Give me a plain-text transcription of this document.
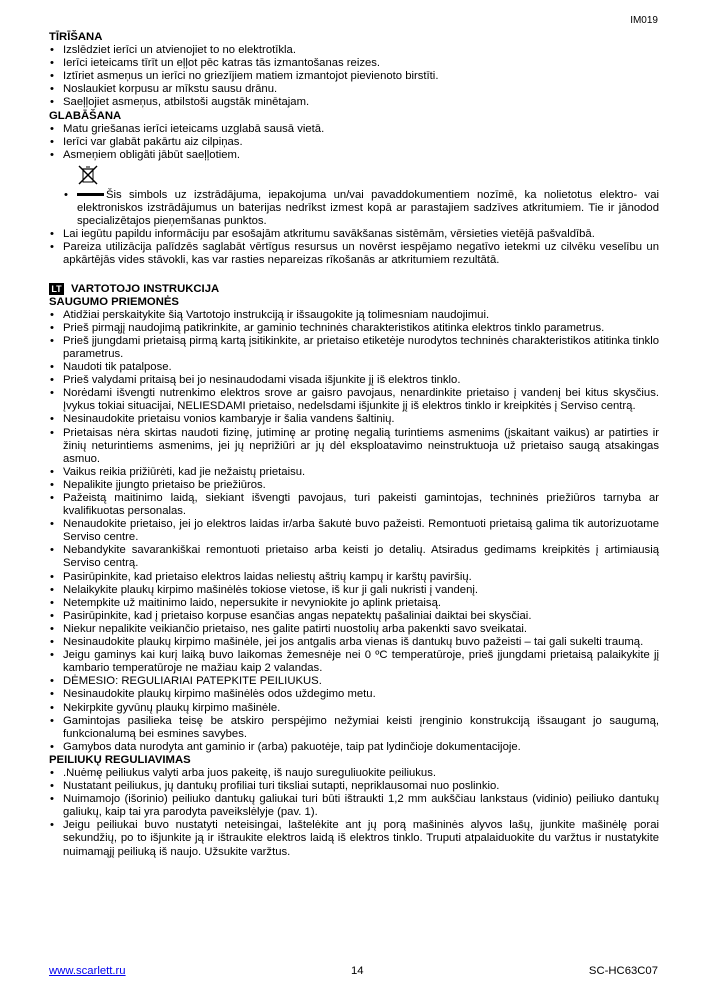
IM019
TĪRĪŠANA
• Izslēdziet ierīci un atvienojiet to no elektrotīkla.
• Ierīci ieteicams tīrīt un eļļot pēc katras tās izmantošanas reizes.
• Iztīriet asmeņus un ierīci no griezījiem matiem izmantojot pievienoto birstīti.
• Noslaukiet korpusu ar mīkstu sausu drānu.
• Saeļļojiet asmeņus, atbilstoši augstāk minētajam.
GLABĀŠANA
• Matu griešanas ierīci ieteicams uzglabā sausā vietā.
• Ierīci var glabāt pakārtu aiz cilpiņas.
• Asmeņiem obligāti jābūt saeļļotiem.
• Šis simbols uz izstrādājuma, iepakojuma un/vai pavaddokumentiem nozīmē, ka nolietotus elektro- vai elektroniskos izstrādājumus un baterijas nedrīkst izmest kopā ar parastajiem sadzīves atkritumiem. Tie ir jānodod specializētajos pieņemšanas punktos.
• Lai iegūtu papildu informāciju par esošajām atkritumu savākšanas sistēmām, vērsieties vietējā pašvaldībā.
• Pareiza utilizācija palīdzēs saglabāt vērtīgus resursus un novērst iespējamo negatīvo ietekmi uz cilvēku veselību un apkārtējās vides stāvokli, kas var rasties nepareizas rīkošanās ar atkritumiem rezultātā.
LT VARTOTOJO INSTRUKCIJA
SAUGUMO PRIEMONĖS
• Atidžiai perskaitykite šią Vartotojo instrukciją ir išsaugokite ją tolimesniam naudojimui.
• Prieš pirmąjį naudojimą patikrinkite, ar gaminio techninės charakteristikos atitinka elektros tinklo parametrus.
• Prieš įjungdami prietaisą pirmą kartą įsitikinkite, ar prietaiso etiketėje nurodytos techninės charakteristikos atitinka tinklo parametrus.
• Naudoti tik patalpose.
• Prieš valydami pritaisą bei jo nesinaudodami visada išjunkite jį iš elektros tinklo.
• Norėdami išvengti nutrenkimo elektros srove ar gaisro pavojaus, nenardinkite prietaiso į vandenį bei kitus skysčius. Įvykus tokiai situacijai, NELIESDAMI prietaiso, nedelsdami išjunkite jį iš elektros tinklo ir kreipkitės į Serviso centrą.
• Nesinaudokite prietaisu vonios kambaryje ir šalia vandens šaltinių.
• Prietaisas nėra skirtas naudoti fizinę, jutiminę ar protinę negalią turintiems asmenims (įskaitant vaikus) ar patirties ir žinių neturintiems asmenims, jei jų neprižiūri ar jų dėl eksploatavimo neinstruktuoja už prietaiso saugą atsakingas asmuo.
• Vaikus reikia prižiūrėti, kad jie nežaistų prietaisu.
• Nepalikite įjungto prietaiso be priežiūros.
• Pažeistą maitinimo laidą, siekiant išvengti pavojaus, turi pakeisti gamintojas, techninės priežiūros tarnyba ar kvalifikuotas personalas.
• Nenaudokite prietaiso, jei jo elektros laidas ir/arba šakutė buvo pažeisti. Remontuoti prietaisą galima tik autorizuotame Serviso centre.
• Nebandykite savarankiškai remontuoti prietaiso arba keisti jo detalių. Atsiradus gedimams kreipkitės į artimiausią Serviso centrą.
• Pasirūpinkite, kad prietaiso elektros laidas neliestų aštrių kampų ir karštų paviršių.
• Nelaikykite plaukų kirpimo mašinėlės tokiose vietose, iš kur ji gali nukristi į vandenį.
• Netempkite už maitinimo laido, nepersukite ir nevyniokite jo aplink prietaisą.
• Pasirūpinkite, kad į prietaiso korpuse esančias angas nepatektų pašaliniai daiktai bei skysčiai.
• Niekur nepalikite veikiančio prietaiso, nes galite patirti nuostolių arba pakenkti savo sveikatai.
• Nesinaudokite plaukų kirpimo mašinėle, jei jos antgalis arba vienas iš dantukų buvo pažeisti – tai gali sukelti traumą.
• Jeigu gaminys kai kurį laiką buvo laikomas žemesnėje nei 0 ºC temperatūroje, prieš įjungdami prietaisą palaikykite jį kambario temperatūroje ne mažiau kaip 2 valandas.
• DĖMESIO: REGULIARIAI PATEPKITE PEILIUKUS.
• Nesinaudokite plaukų kirpimo mašinėlės odos uždegimo metu.
• Nekirpkite gyvūnų plaukų kirpimo mašinėle.
• Gamintojas pasilieka teisę be atskiro perspėjimo nežymiai keisti įrenginio konstrukciją išsaugant jo saugumą, funkcionalumą bei esmines savybes.
• Gamybos data nurodyta ant gaminio ir (arba) pakuotėje, taip pat lydinčioje dokumentacijoje.
PEILIUKŲ REGULIAVIMAS
• .Nuėmę peiliukus valyti arba juos pakeitę, iš naujo sureguliuokite peiliukus.
• Nustatant peiliukus, jų dantukų profiliai turi tiksliai sutapti, nepriklausomai nuo poslinkio.
• Nuimamojo (išorinio) peiliuko dantukų galiukai turi būti ištraukti 1,2 mm aukščiau lankstaus (vidinio) peiliuko dantukų galiukų, kaip tai yra parodyta paveikslėlyje (pav. 1).
• Jeigu peiliukai buvo nustatyti neteisingai, laštelėkite ant jų porą mašininės alyvos lašų, įjunkite mašinėlę porai sekundžių, po to išjunkite ją ir ištraukite elektros laidą iš elektros tinklo. Truputi atpalaiduokite du varžtus ir nustatykite nuimamąjį peiliuką iš naujo. Užsukite varžtus.
www.scarlett.ru	14	SC-HC63C07
